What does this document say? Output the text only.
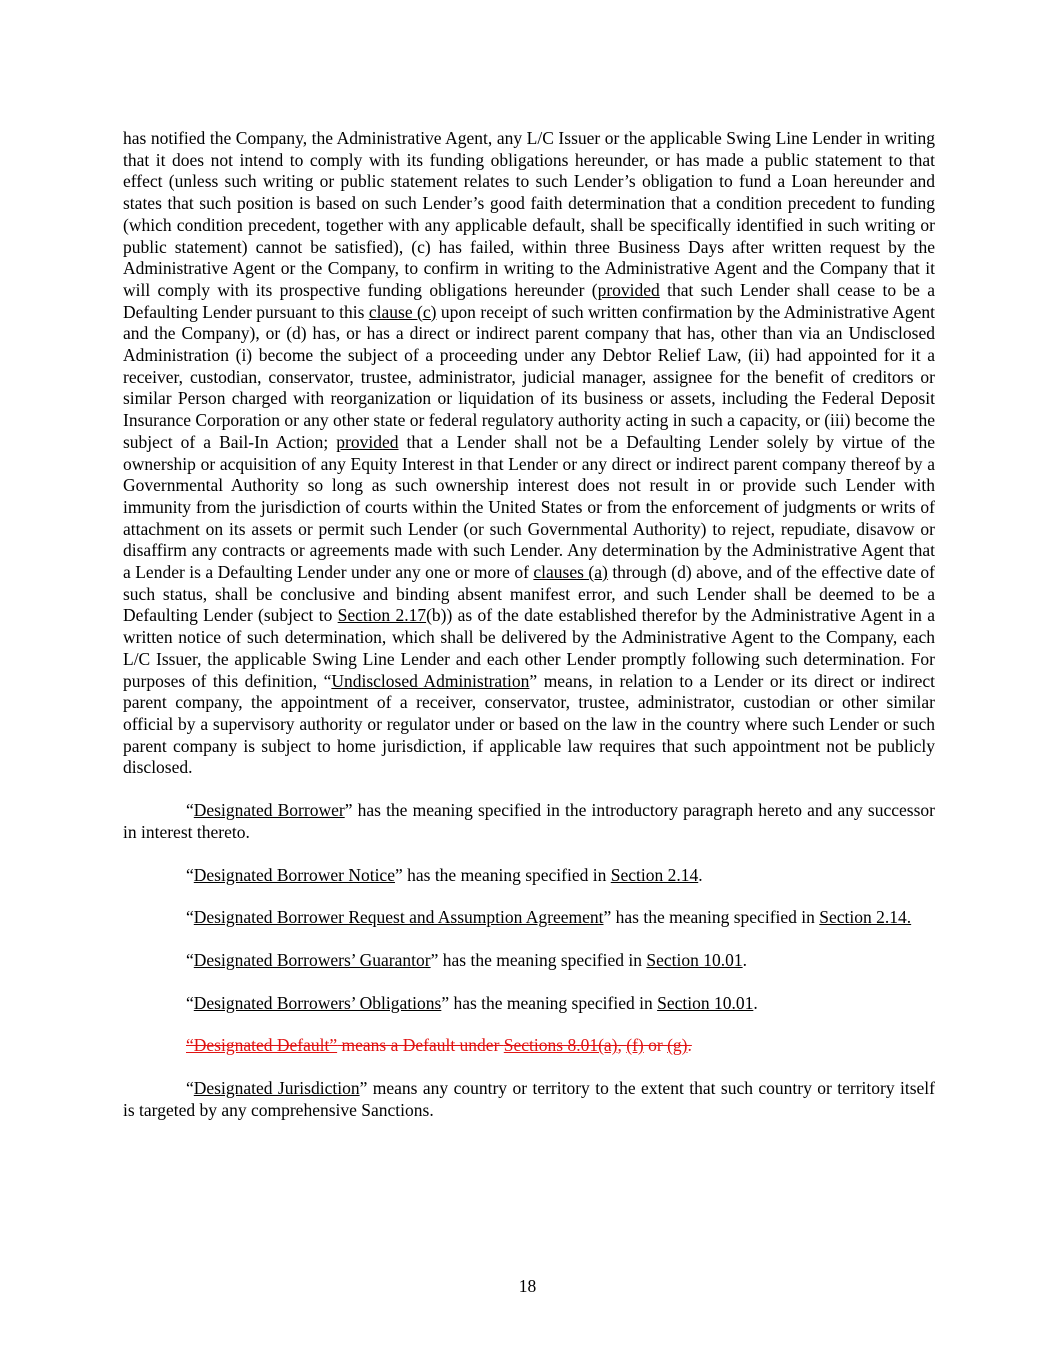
has notified the Company, the Administrative Agent, any L/C Issuer or the applicable Swing Line Lender in writing that it does not intend to comply with its funding obligations hereunder, or has made a public statement to that effect (unless such writing or public statement relates to such Lender’s obligation to fund a Loan hereunder and states that such position is based on such Lender’s good faith determination that a condition precedent to funding (which condition precedent, together with any applicable default, shall be specifically identified in such writing or public statement) cannot be satisfied), (c) has failed, within three Business Days after written request by the Administrative Agent or the Company, to confirm in writing to the Administrative Agent and the Company that it will comply with its prospective funding obligations hereunder (provided that such Lender shall cease to be a Defaulting Lender pursuant to this clause (c) upon receipt of such written confirmation by the Administrative Agent and the Company), or (d) has, or has a direct or indirect parent company that has, other than via an Undisclosed Administration (i) become the subject of a proceeding under any Debtor Relief Law, (ii) had appointed for it a receiver, custodian, conservator, trustee, administrator, judicial manager, assignee for the benefit of creditors or similar Person charged with reorganization or liquidation of its business or assets, including the Federal Deposit Insurance Corporation or any other state or federal regulatory authority acting in such a capacity, or (iii) become the subject of a Bail-In Action; provided that a Lender shall not be a Defaulting Lender solely by virtue of the ownership or acquisition of any Equity Interest in that Lender or any direct or indirect parent company thereof by a Governmental Authority so long as such ownership interest does not result in or provide such Lender with immunity from the jurisdiction of courts within the United States or from the enforcement of judgments or writs of attachment on its assets or permit such Lender (or such Governmental Authority) to reject, repudiate, disavow or disaffirm any contracts or agreements made with such Lender. Any determination by the Administrative Agent that a Lender is a Defaulting Lender under any one or more of clauses (a) through (d) above, and of the effective date of such status, shall be conclusive and binding absent manifest error, and such Lender shall be deemed to be a Defaulting Lender (subject to Section 2.17(b)) as of the date established therefor by the Administrative Agent in a written notice of such determination, which shall be delivered by the Administrative Agent to the Company, each L/C Issuer, the applicable Swing Line Lender and each other Lender promptly following such determination. For purposes of this definition, “Undisclosed Administration” means, in relation to a Lender or its direct or indirect parent company, the appointment of a receiver, conservator, trustee, administrator, custodian or other similar official by a supervisory authority or regulator under or based on the law in the country where such Lender or such parent company is subject to home jurisdiction, if applicable law requires that such appointment not be publicly disclosed.

“Designated Borrower” has the meaning specified in the introductory paragraph hereto and any successor in interest thereto.

“Designated Borrower Notice” has the meaning specified in Section 2.14.

“Designated Borrower Request and Assumption Agreement” has the meaning specified in Section 2.14.

“Designated Borrowers’ Guarantor” has the meaning specified in Section 10.01.

“Designated Borrowers’ Obligations” has the meaning specified in Section 10.01.

“Designated Default” means a Default under Sections 8.01(a), (f) or (g).

“Designated Jurisdiction” means any country or territory to the extent that such country or territory itself is targeted by any comprehensive Sanctions.

18
